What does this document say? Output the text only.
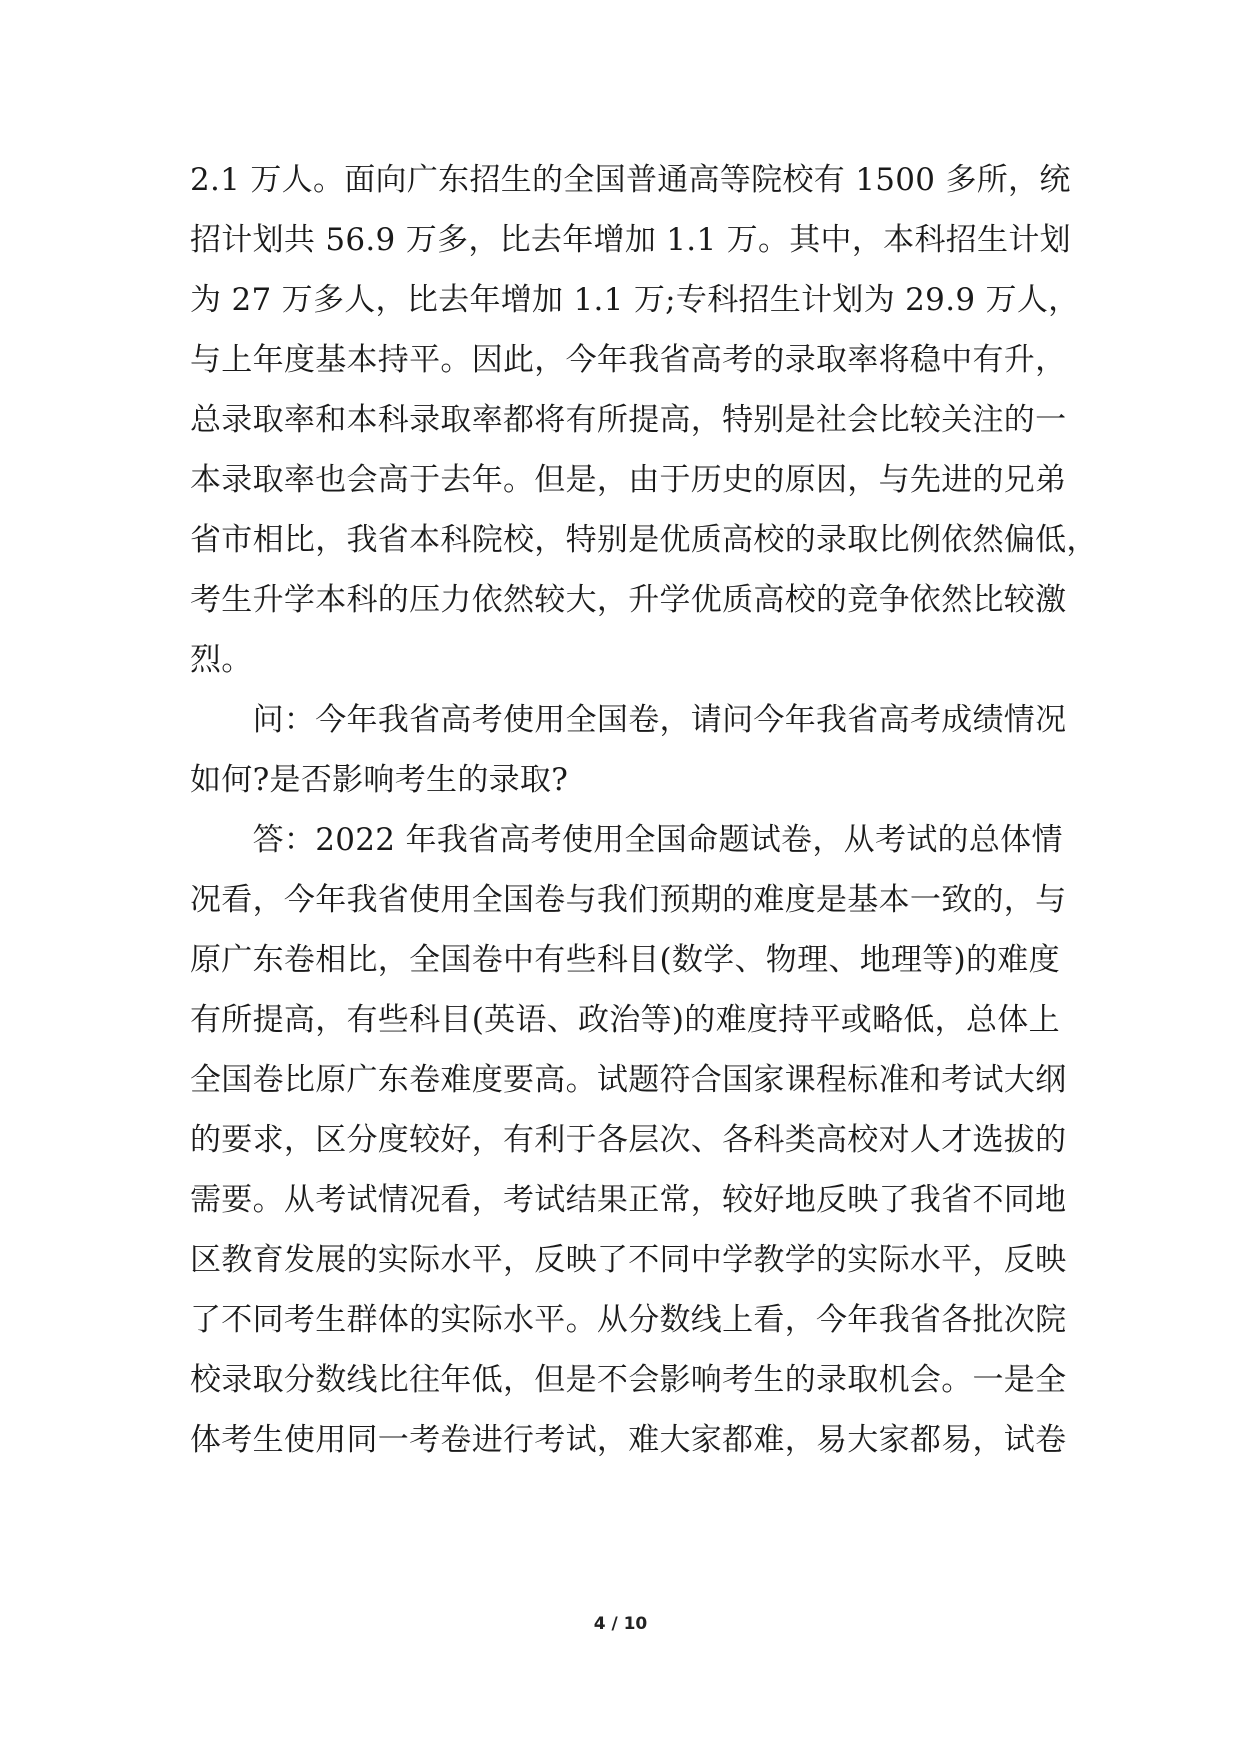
2.1 万人。面向广东招生的全国普通高等院校有 1500 多所，统
招计划共 56.9 万多，比去年增加 1.1 万。其中，本科招生计划
为 27 万多人，比去年增加 1.1 万;专科招生计划为 29.9 万人，
与上年度基本持平。因此，今年我省高考的录取率将稳中有升，
总录取率和本科录取率都将有所提高，特别是社会比较关注的一
本录取率也会高于去年。但是，由于历史的原因，与先进的兄弟
省市相比，我省本科院校，特别是优质高校的录取比例依然偏低，
考生升学本科的压力依然较大，升学优质高校的竞争依然比较激
烈。
　　问：今年我省高考使用全国卷，请问今年我省高考成绩情况
如何?是否影响考生的录取?
　　答：2022 年我省高考使用全国命题试卷，从考试的总体情
况看，今年我省使用全国卷与我们预期的难度是基本一致的，与
原广东卷相比，全国卷中有些科目(数学、物理、地理等)的难度
有所提高，有些科目(英语、政治等)的难度持平或略低，总体上
全国卷比原广东卷难度要高。试题符合国家课程标准和考试大纲
的要求，区分度较好，有利于各层次、各科类高校对人才选拔的
需要。从考试情况看，考试结果正常，较好地反映了我省不同地
区教育发展的实际水平，反映了不同中学教学的实际水平，反映
了不同考生群体的实际水平。从分数线上看，今年我省各批次院
校录取分数线比往年低，但是不会影响考生的录取机会。一是全
体考生使用同一考卷进行考试，难大家都难，易大家都易，试卷
4 / 10
